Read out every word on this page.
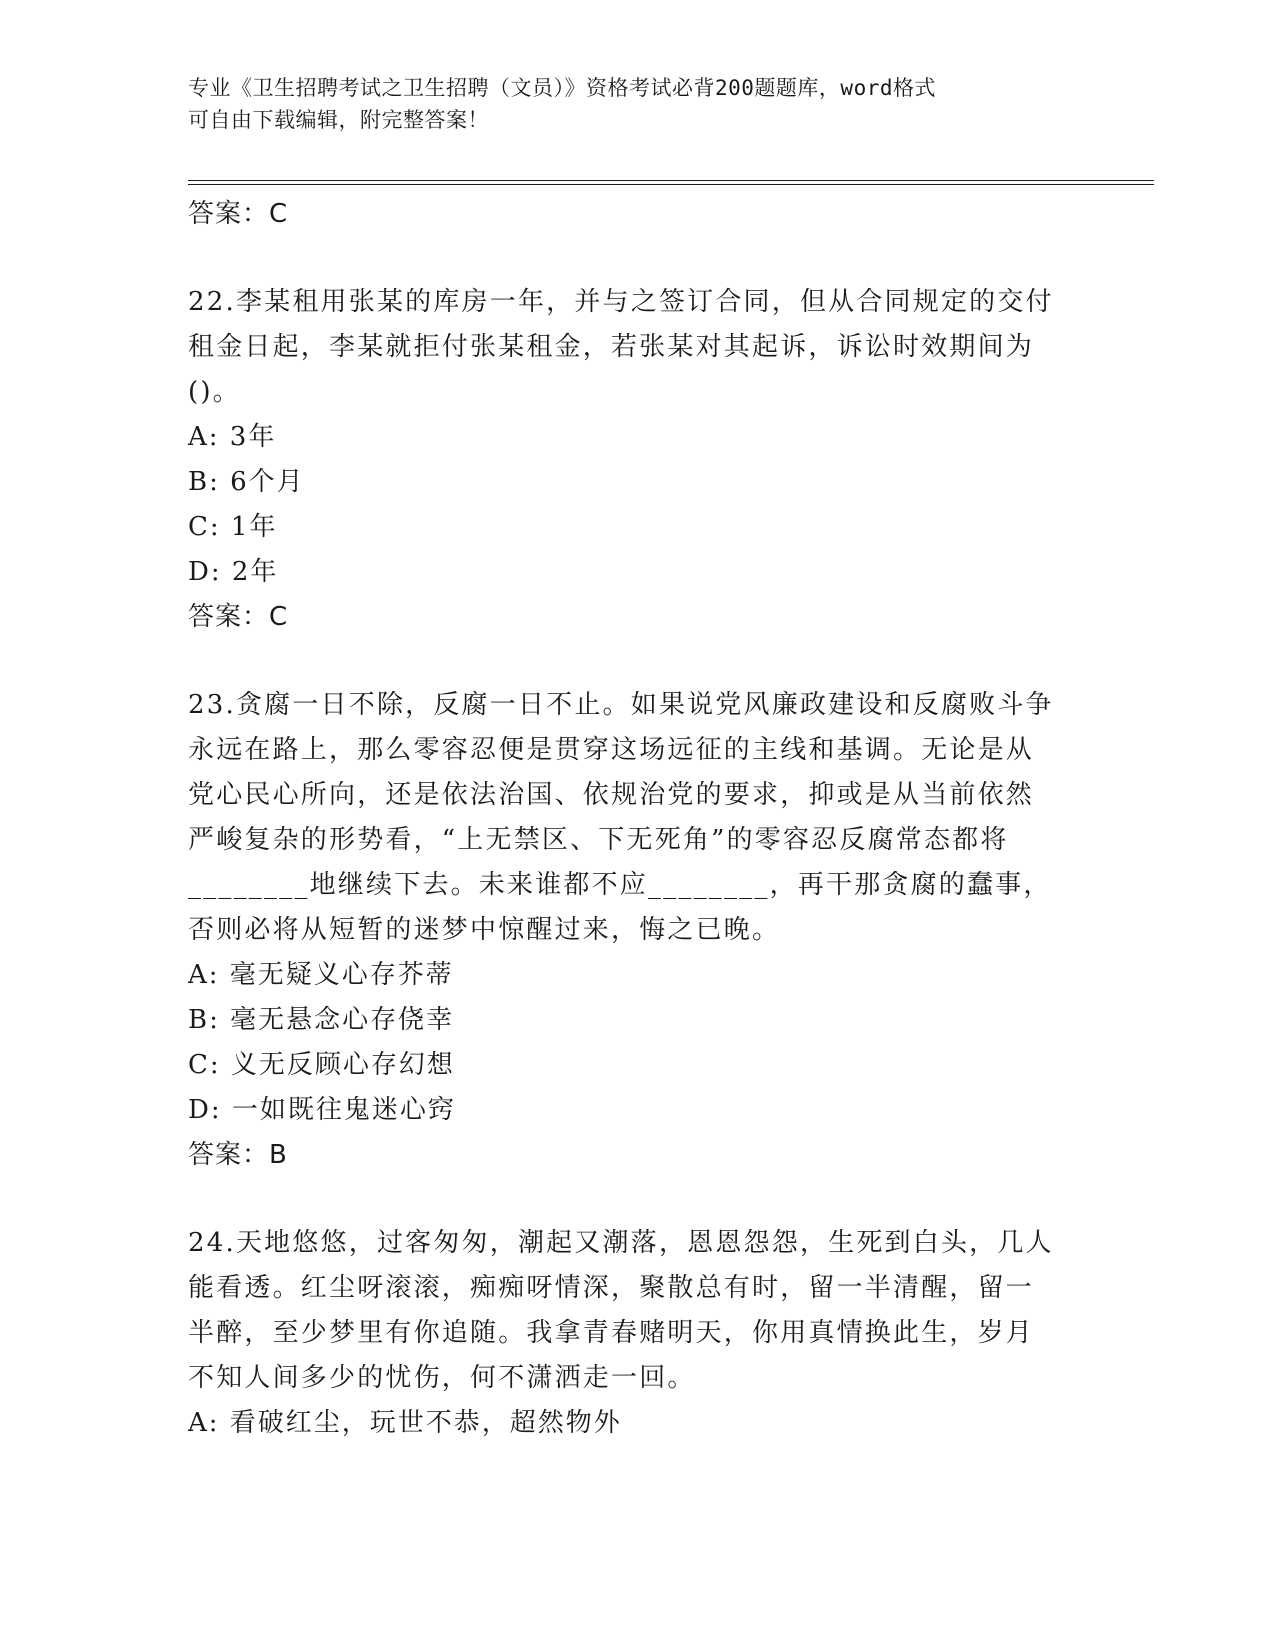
专业《卫生招聘考试之卫生招聘（文员）》资格考试必背200题题库，word格式
可自由下载编辑，附完整答案！
答案：C
22.李某租用张某的库房一年，并与之签订合同，但从合同规定的交付
租金日起，李某就拒付张某租金，若张某对其起诉，诉讼时效期间为
()。
A: 3年
B: 6个月
C: 1年
D: 2年
答案：C
23.贪腐一日不除，反腐一日不止。如果说党风廉政建设和反腐败斗争
永远在路上，那么零容忍便是贯穿这场远征的主线和基调。无论是从
党心民心所向，还是依法治国、依规治党的要求，抑或是从当前依然
严峻复杂的形势看，“上无禁区、下无死角”的零容忍反腐常态都将
________地继续下去。未来谁都不应________，再干那贪腐的蠢事，
否则必将从短暂的迷梦中惊醒过来，悔之已晚。
A: 毫无疑义心存芥蒂
B: 毫无悬念心存侥幸
C: 义无反顾心存幻想
D: 一如既往鬼迷心窍
答案：B
24.天地悠悠，过客匆匆，潮起又潮落，恩恩怨怨，生死到白头，几人
能看透。红尘呀滚滚，痴痴呀情深，聚散总有时，留一半清醒，留一
半醉，至少梦里有你追随。我拿青春赌明天，你用真情换此生，岁月
不知人间多少的忧伤，何不潇洒走一回。
A: 看破红尘，玩世不恭，超然物外
